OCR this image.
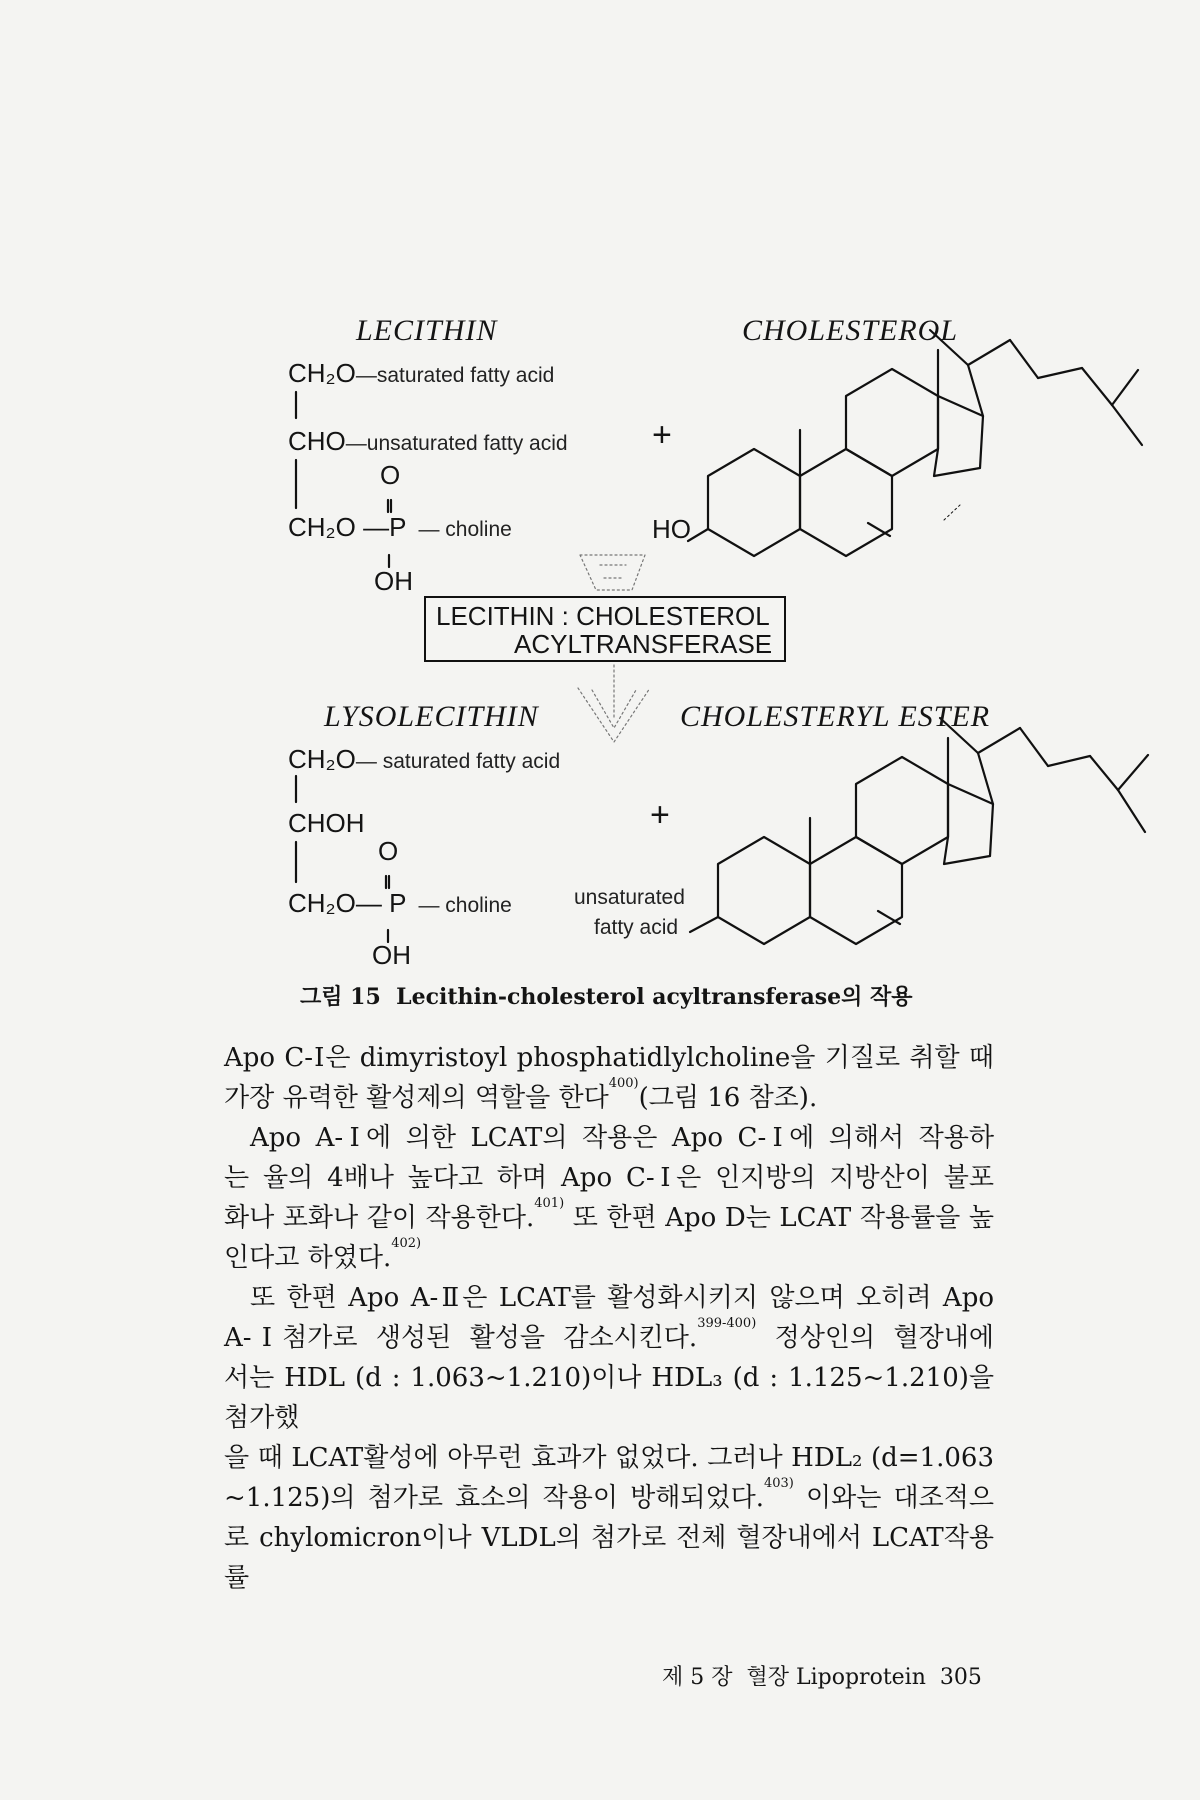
LECITHIN
CH₂O—saturated fatty acid
CHO—unsaturated fatty acid
O
CH₂O —P — choline
OH
CHOLESTEROL
+
HO
LECITHIN : CHOLESTEROL
ACYLTRANSFERASE
LYSOLECITHIN
CH₂O— saturated fatty acid
CHOH
O
CH₂O— P — choline
OH
CHOLESTERYL ESTER
+
unsaturated
fatty acid
그림 15 Lecithin-cholesterol acyltransferase의 작용

Apo C-Ⅰ은 dimyristoyl phosphatidlylcholine을 기질로 취할 때

가장 유력한 활성제의 역할을 한다$^{400)}$(그림 16 참조).

Apo A-Ⅰ에 의한 LCAT의 작용은 Apo C-Ⅰ에 의해서 작용하

는 율의 4배나 높다고 하며 Apo C-Ⅰ은 인지방의 지방산이 불포

화나 포화나 같이 작용한다.$^{401)}$ 또 한편 Apo D는 LCAT 작용률을 높

인다고 하였다.$^{402)}$

또 한편 Apo A-Ⅱ은 LCAT를 활성화시키지 않으며 오히려 Apo

A-Ⅰ첨가로 생성된 활성을 감소시킨다.$^{399-400)}$ 정상인의 혈장내에

서는 HDL (d : 1.063~1.210)이나 HDL₃ (d : 1.125~1.210)을 첨가했

을 때 LCAT활성에 아무런 효과가 없었다. 그러나 HDL₂ (d=1.063

~1.125)의 첨가로 효소의 작용이 방해되었다.$^{403)}$ 이와는 대조적으

로 chylomicron이나 VLDL의 첨가로 전체 혈장내에서 LCAT작용률

제 5 장 혈장 Lipoprotein 305
